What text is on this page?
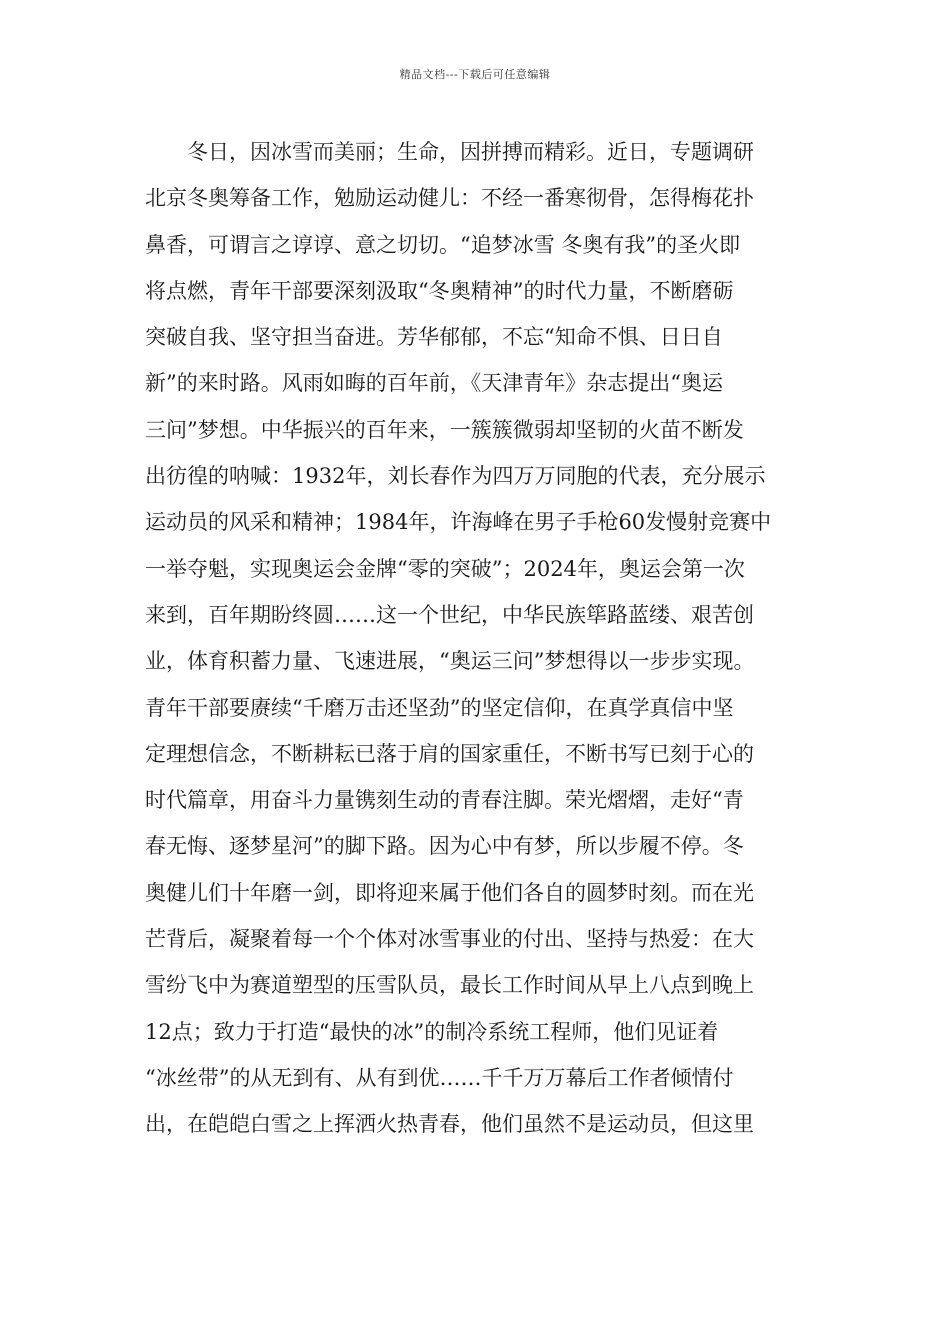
精品文档---下载后可任意编辑
冬日，因冰雪而美丽；生命，因拼搏而精彩。近日，专题调研
北京冬奥筹备工作，勉励运动健儿：不经一番寒彻骨，怎得梅花扑
鼻香，可谓言之谆谆、意之切切。“追梦冰雪 冬奥有我”的圣火即
将点燃，青年干部要深刻汲取“冬奥精神”的时代力量，不断磨砺
突破自我、坚守担当奋进。芳华郁郁，不忘“知命不惧、日日自
新”的来时路。风雨如晦的百年前，《天津青年》杂志提出“奥运
三问”梦想。中华振兴的百年来，一簇簇微弱却坚韧的火苗不断发
出彷徨的呐喊：1932年，刘长春作为四万万同胞的代表，充分展示
运动员的风采和精神；1984年，许海峰在男子手枪60发慢射竞赛中
一举夺魁，实现奥运会金牌“零的突破”；2024年，奥运会第一次
来到，百年期盼终圆……这一个世纪，中华民族筚路蓝缕、艰苦创
业，体育积蓄力量、飞速进展，“奥运三问”梦想得以一步步实现。
青年干部要赓续“千磨万击还坚劲”的坚定信仰，在真学真信中坚
定理想信念，不断耕耘已落于肩的国家重任，不断书写已刻于心的
时代篇章，用奋斗力量镌刻生动的青春注脚。荣光熠熠，走好“青
春无悔、逐梦星河”的脚下路。因为心中有梦，所以步履不停。冬
奥健儿们十年磨一剑，即将迎来属于他们各自的圆梦时刻。而在光
芒背后，凝聚着每一个个体对冰雪事业的付出、坚持与热爱：在大
雪纷飞中为赛道塑型的压雪队员，最长工作时间从早上八点到晚上
12点；致力于打造“最快的冰”的制冷系统工程师，他们见证着
“冰丝带”的从无到有、从有到优……千千万万幕后工作者倾情付
出，在皑皑白雪之上挥洒火热青春，他们虽然不是运动员，但这里
